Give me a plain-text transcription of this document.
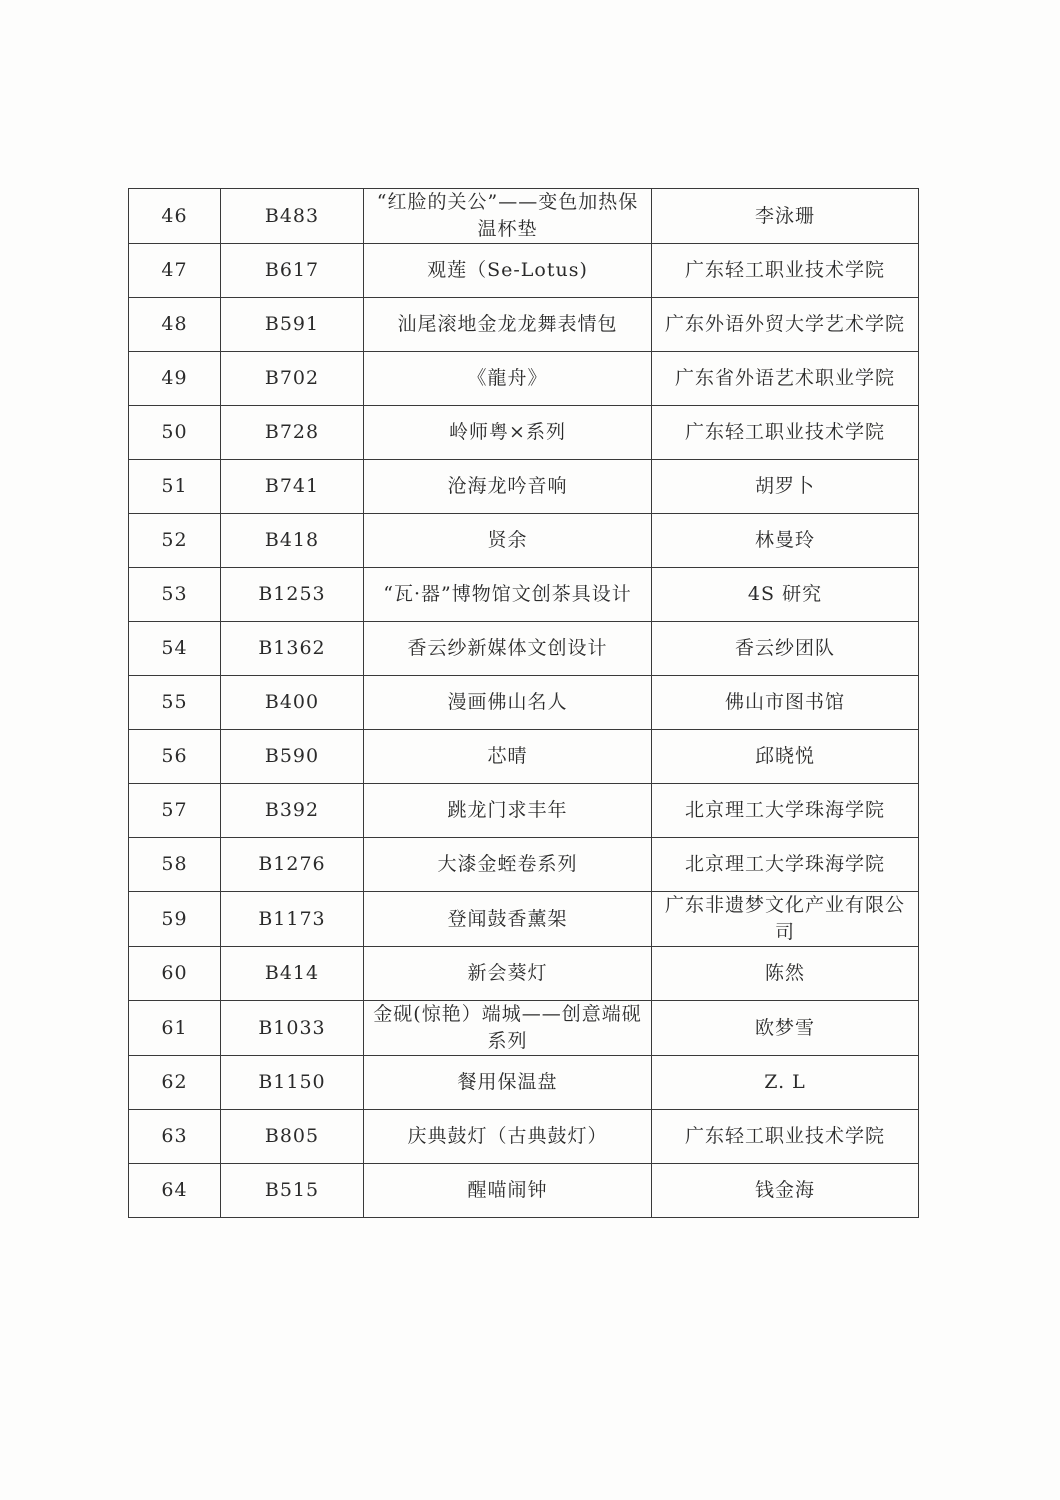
46	B483	“红脸的关公”——变色加热保温杯垫	李泳珊
47	B617	观莲（Se-Lotus)	广东轻工职业技术学院
48	B591	汕尾滚地金龙龙舞表情包	广东外语外贸大学艺术学院
49	B702	《龍舟》	广东省外语艺术职业学院
50	B728	岭师粤×系列	广东轻工职业技术学院
51	B741	沧海龙吟音响	胡罗卜
52	B418	贤余	林曼玲
53	B1253	“瓦·器”博物馆文创茶具设计	4S 研究
54	B1362	香云纱新媒体文创设计	香云纱团队
55	B400	漫画佛山名人	佛山市图书馆
56	B590	芯晴	邱晓悦
57	B392	跳龙门求丰年	北京理工大学珠海学院
58	B1276	大漆金蛭卷系列	北京理工大学珠海学院
59	B1173	登闻鼓香薰架	广东非遗梦文化产业有限公司
60	B414	新会葵灯	陈然
61	B1033	金砚(惊艳）端城——创意端砚系列	欧梦雪
62	B1150	餐用保温盘	Z. L
63	B805	庆典鼓灯（古典鼓灯）	广东轻工职业技术学院
64	B515	醒喵闹钟	钱金海
